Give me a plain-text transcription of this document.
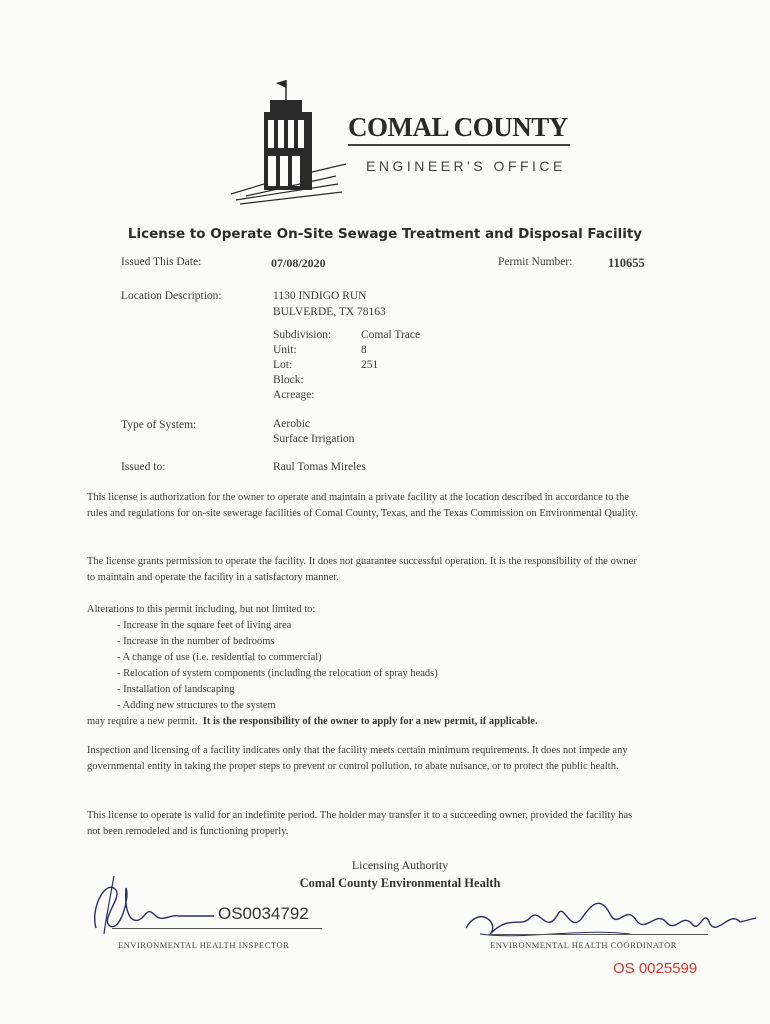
COMAL COUNTY
ENGINEER'S OFFICE
License to Operate On-Site Sewage Treatment and Disposal Facility
Issued This Date:	07/08/2020	Permit Number:	110655
Location Description:	1130 INDIGO RUN
BULVERDE, TX 78163
Subdivision:	Comal Trace
Unit:	8
Lot:	251
Block:
Acreage:
Type of System:	Aerobic
Surface Irrigation
Issued to:	Raul Tomas Mireles

This license is authorization for the owner to operate and maintain a private facility at the location described in accordance to the rules and regulations for on-site sewerage facilities of Comal County, Texas, and the Texas Commission on Environmental Quality.

The license grants permission to operate the facility. It does not guarantee successful operation. It is the responsibility of the owner to maintain and operate the facility in a satisfactory manner.

Alterations to this permit including, but not limited to:

- Increase in the square feet of living area
- Increase in the number of bedrooms
- A change of use (i.e. residential to commercial)
- Relocation of system components (including the relocation of spray heads)
- Installation of landscaping
- Adding new structures to the system

may require a new permit. It is the responsibility of the owner to apply for a new permit, if applicable.

Inspection and licensing of a facility indicates only that the facility meets certain minimum requirements. It does not impede any governmental entity in taking the proper steps to prevent or control pollution, to abate nuisance, or to protect the public health.

This license to operate is valid for an indefinite period. The holder may transfer it to a succeeding owner, provided the facility has not been remodeled and is functioning properly.

Licensing Authority
Comal County Environmental Health
OS0034792
ENVIRONMENTAL HEALTH INSPECTOR	ENVIRONMENTAL HEALTH COORDINATOR
OS 0025599
